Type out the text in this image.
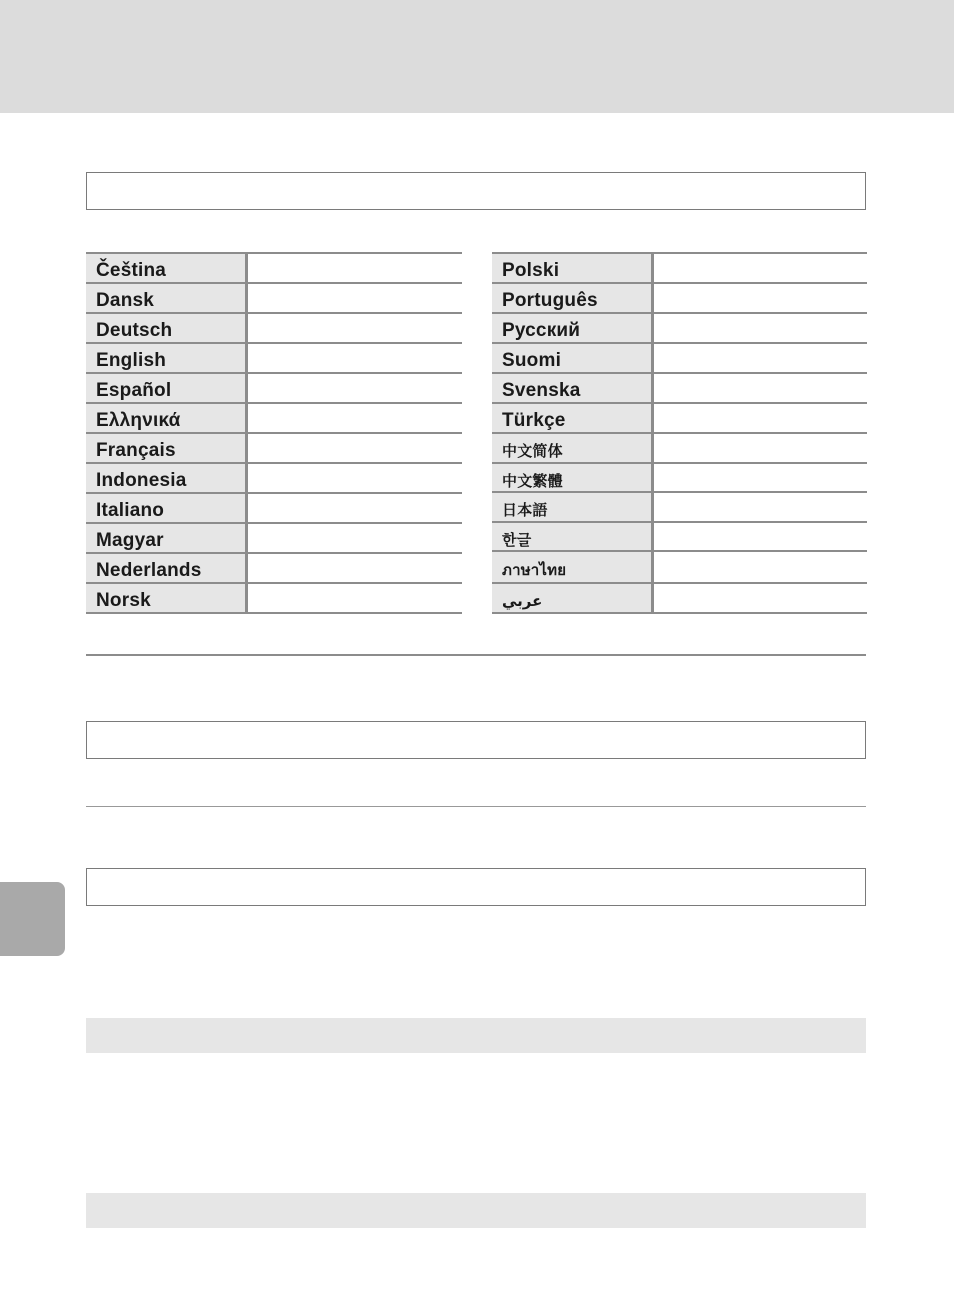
Čeština	
Dansk	
Deutsch	
English	
Español	
Ελληνικά	
Français	
Indonesia	
Italiano	
Magyar	
Nederlands	
Norsk	
Polski	
Português	
Русский	
Suomi	
Svenska	
Türkçe	
中文简体	
中文繁體	
日本語	
한글	
ภาษาไทย	
عربي	
